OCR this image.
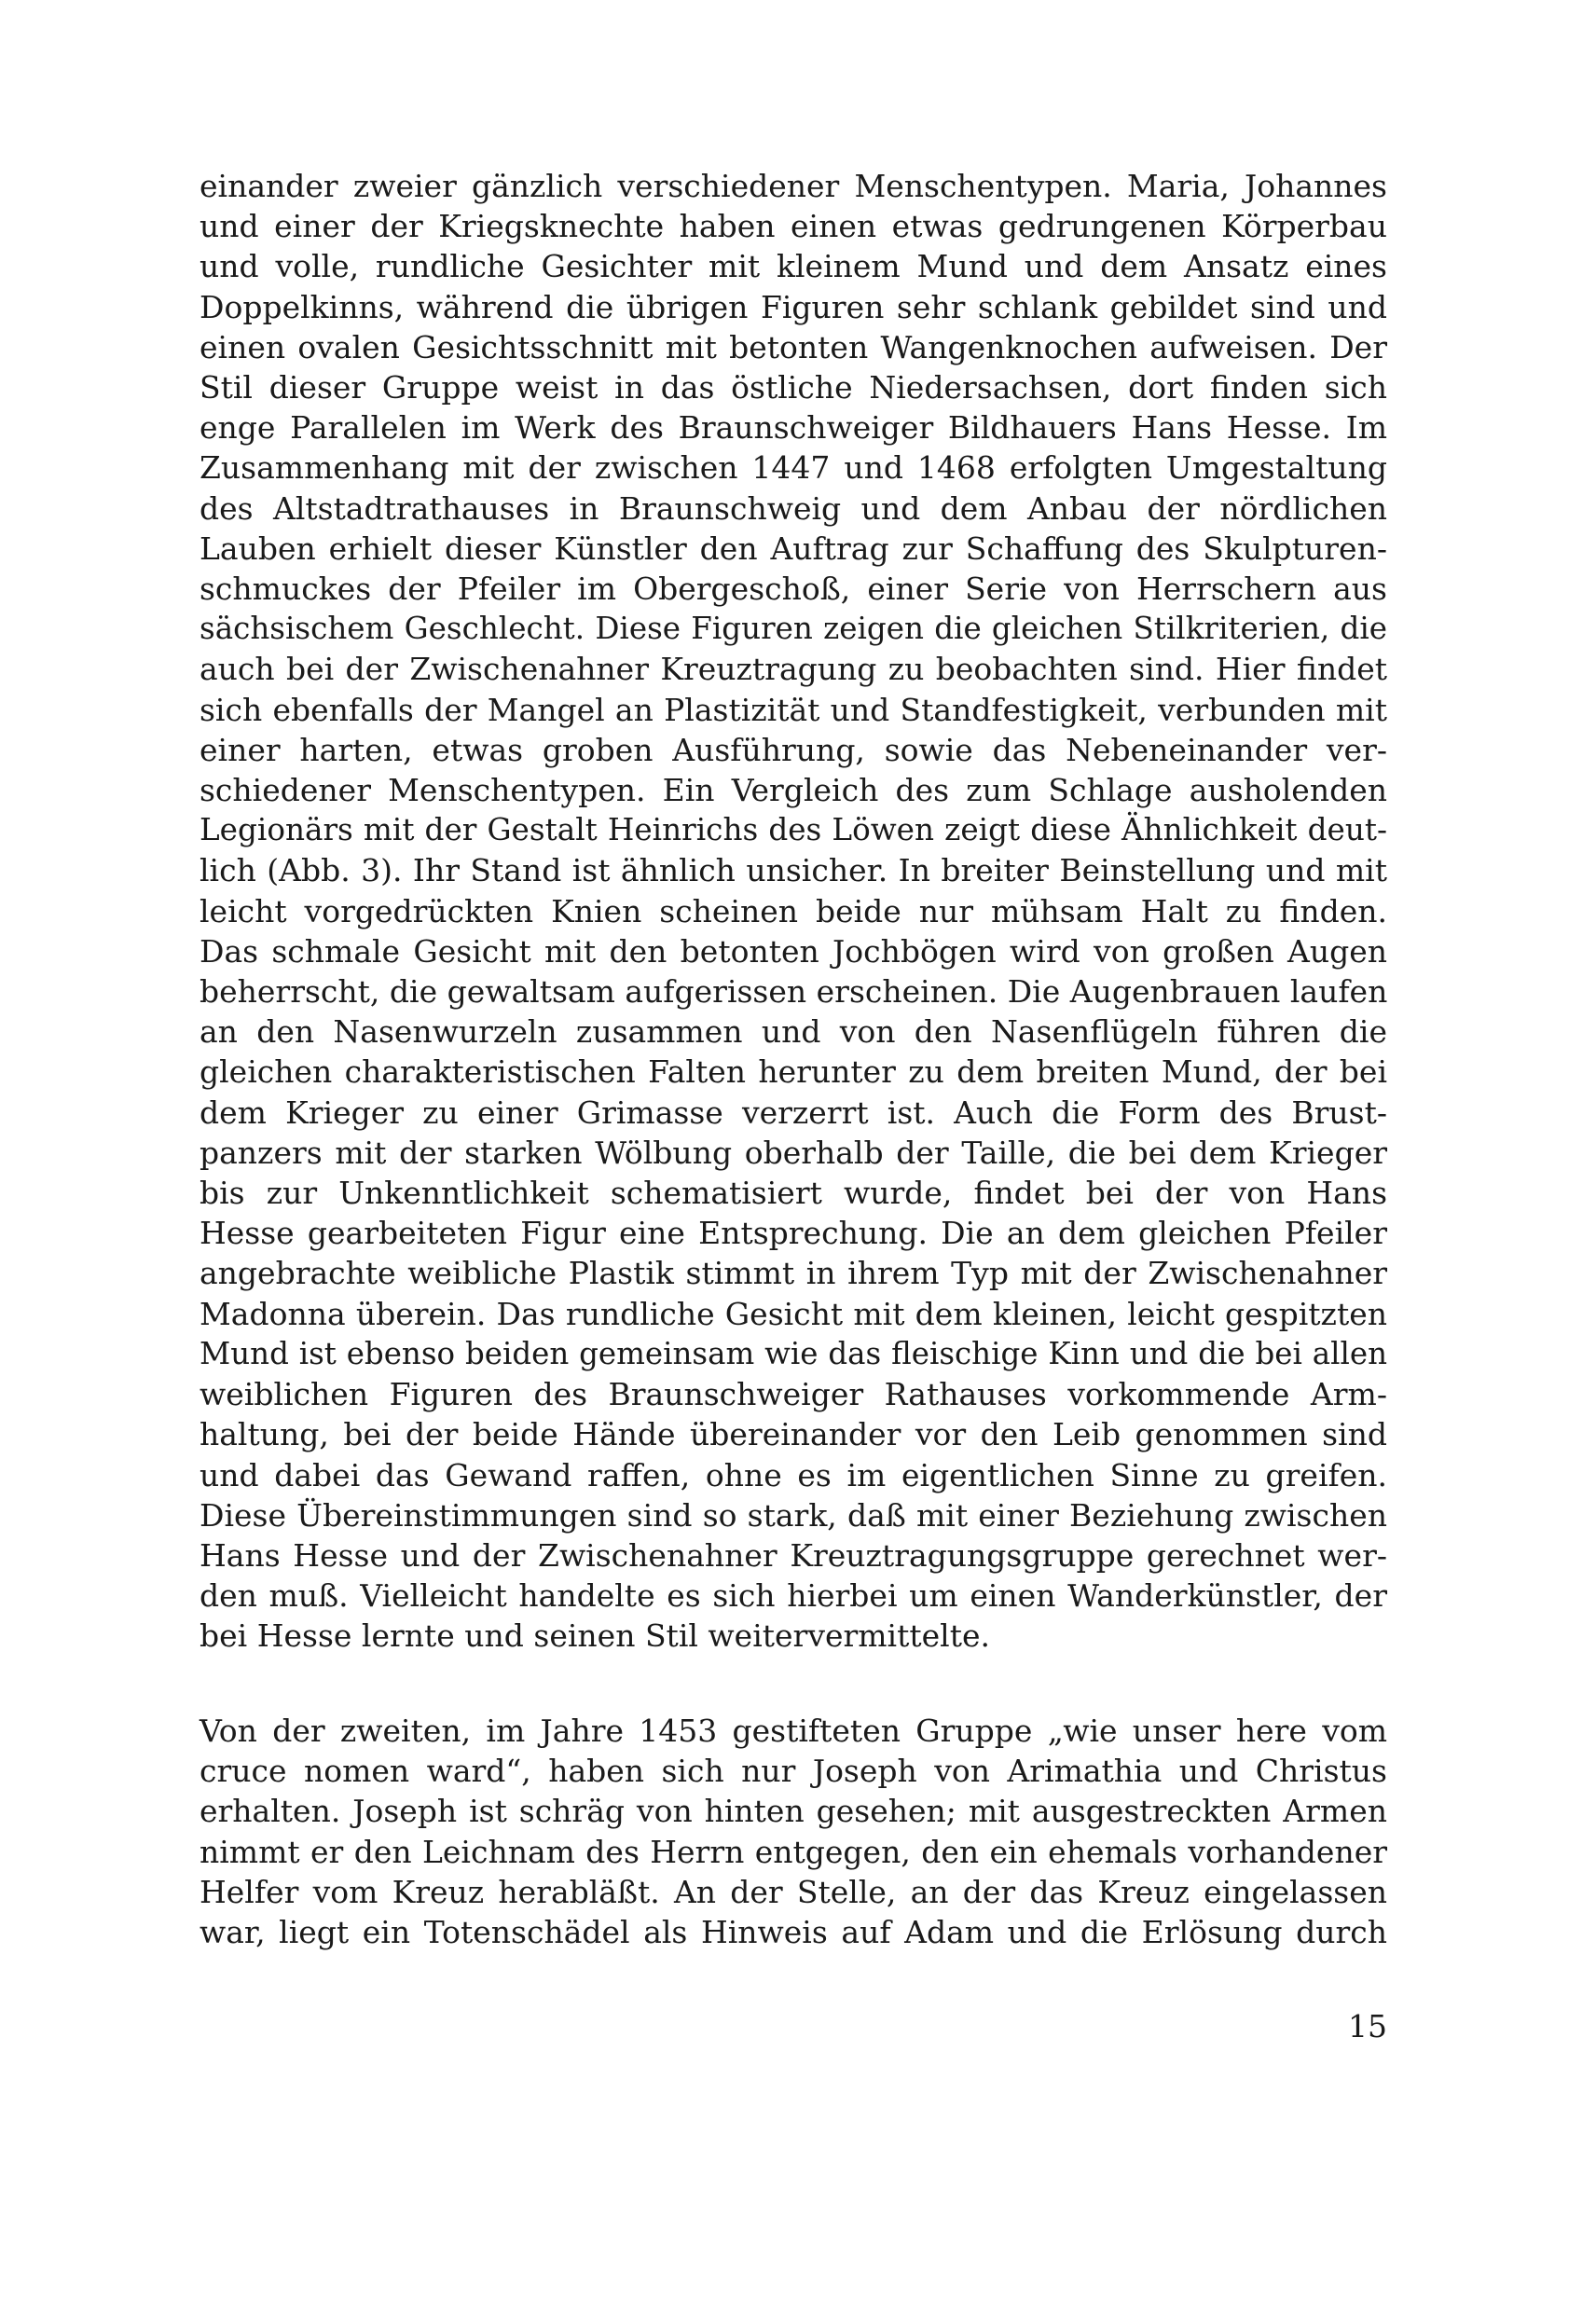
einander zweier gänzlich verschiedener Menschentypen. Maria, Johannes
und einer der Kriegsknechte haben einen etwas gedrungenen Körperbau
und volle, rundliche Gesichter mit kleinem Mund und dem Ansatz eines
Doppelkinns, während die übrigen Figuren sehr schlank gebildet sind und
einen ovalen Gesichtsschnitt mit betonten Wangenknochen aufweisen. Der
Stil dieser Gruppe weist in das östliche Niedersachsen, dort finden sich
enge Parallelen im Werk des Braunschweiger Bildhauers Hans Hesse. Im
Zusammenhang mit der zwischen 1447 und 1468 erfolgten Umgestaltung
des Altstadtrathauses in Braunschweig und dem Anbau der nördlichen
Lauben erhielt dieser Künstler den Auftrag zur Schaffung des Skulpturen-
schmuckes der Pfeiler im Obergeschoß, einer Serie von Herrschern aus
sächsischem Geschlecht. Diese Figuren zeigen die gleichen Stilkriterien, die
auch bei der Zwischenahner Kreuztragung zu beobachten sind. Hier findet
sich ebenfalls der Mangel an Plastizität und Standfestigkeit, verbunden mit
einer harten, etwas groben Ausführung, sowie das Nebeneinander ver-
schiedener Menschentypen. Ein Vergleich des zum Schlage ausholenden
Legionärs mit der Gestalt Heinrichs des Löwen zeigt diese Ähnlichkeit deut-
lich (Abb. 3). Ihr Stand ist ähnlich unsicher. In breiter Beinstellung und mit
leicht vorgedrückten Knien scheinen beide nur mühsam Halt zu finden.
Das schmale Gesicht mit den betonten Jochbögen wird von großen Augen
beherrscht, die gewaltsam aufgerissen erscheinen. Die Augenbrauen laufen
an den Nasenwurzeln zusammen und von den Nasenflügeln führen die
gleichen charakteristischen Falten herunter zu dem breiten Mund, der bei
dem Krieger zu einer Grimasse verzerrt ist. Auch die Form des Brust-
panzers mit der starken Wölbung oberhalb der Taille, die bei dem Krieger
bis zur Unkenntlichkeit schematisiert wurde, findet bei der von Hans
Hesse gearbeiteten Figur eine Entsprechung. Die an dem gleichen Pfeiler
angebrachte weibliche Plastik stimmt in ihrem Typ mit der Zwischenahner
Madonna überein. Das rundliche Gesicht mit dem kleinen, leicht gespitzten
Mund ist ebenso beiden gemeinsam wie das fleischige Kinn und die bei allen
weiblichen Figuren des Braunschweiger Rathauses vorkommende Arm-
haltung, bei der beide Hände übereinander vor den Leib genommen sind
und dabei das Gewand raffen, ohne es im eigentlichen Sinne zu greifen.
Diese Übereinstimmungen sind so stark, daß mit einer Beziehung zwischen
Hans Hesse und der Zwischenahner Kreuztragungsgruppe gerechnet wer-
den muß. Vielleicht handelte es sich hierbei um einen Wanderkünstler, der
bei Hesse lernte und seinen Stil weitervermittelte.
Von der zweiten, im Jahre 1453 gestifteten Gruppe „wie unser here vom
cruce nomen ward“, haben sich nur Joseph von Arimathia und Christus
erhalten. Joseph ist schräg von hinten gesehen; mit ausgestreckten Armen
nimmt er den Leichnam des Herrn entgegen, den ein ehemals vorhandener
Helfer vom Kreuz herabläßt. An der Stelle, an der das Kreuz eingelassen
war, liegt ein Totenschädel als Hinweis auf Adam und die Erlösung durch
15
